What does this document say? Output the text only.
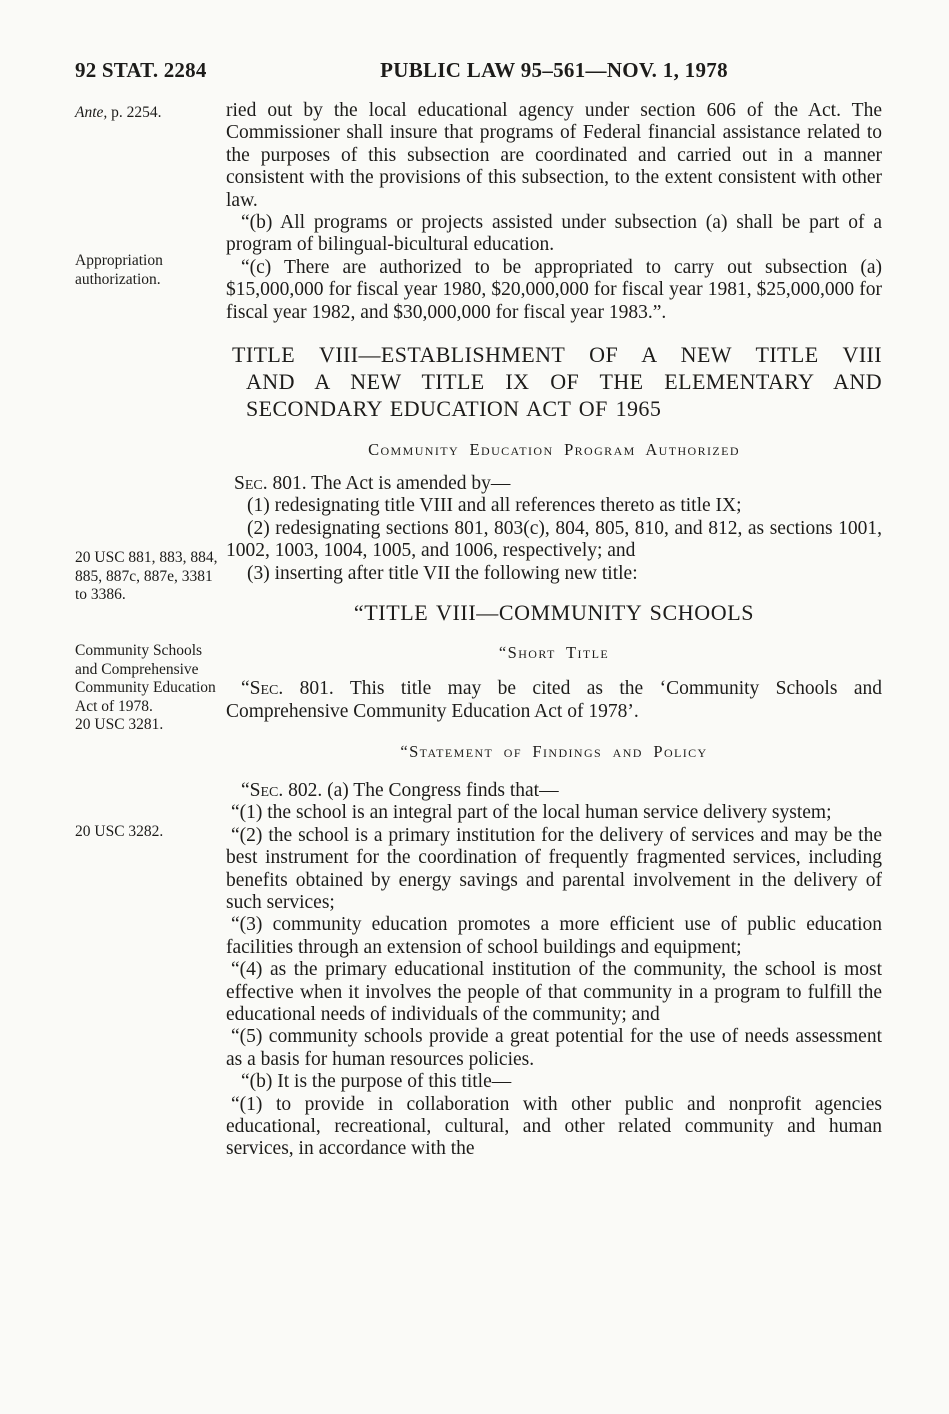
92 STAT. 2284	PUBLIC LAW 95–561—NOV. 1, 1978
Ante, p. 2254.
Appropriation authorization.
20 USC 881, 883, 884, 885, 887c, 887e, 3381 to 3386.
Community Schools and Comprehensive Community Education Act of 1978.
20 USC 3281.
20 USC 3282.

ried out by the local educational agency under section 606 of the Act. The Commissioner shall insure that programs of Federal financial assistance related to the purposes of this subsection are coordinated and carried out in a manner consistent with the provisions of this subsection, to the extent consistent with other law.

“(b) All programs or projects assisted under subsection (a) shall be part of a program of bilingual-bicultural education.

“(c) There are authorized to be appropriated to carry out subsection (a) $15,000,000 for fiscal year 1980, $20,000,000 for fiscal year 1981, $25,000,000 for fiscal year 1982, and $30,000,000 for fiscal year 1983.”.

TITLE VIII—ESTABLISHMENT OF A NEW TITLE VIII
AND A NEW TITLE IX OF THE ELEMENTARY AND
SECONDARY EDUCATION ACT OF 1965
Community Education Program Authorized

Sec. 801. The Act is amended by—

(1) redesignating title VIII and all references thereto as title IX;

(2) redesignating sections 801, 803(c), 804, 805, 810, and 812, as sections 1001, 1002, 1003, 1004, 1005, and 1006, respectively; and

(3) inserting after title VII the following new title:

“TITLE VIII—COMMUNITY SCHOOLS
“Short Title

“Sec. 801. This title may be cited as the ‘Community Schools and Comprehensive Community Education Act of 1978’.

“Statement of Findings and Policy

“Sec. 802. (a) The Congress finds that—

“(1) the school is an integral part of the local human service delivery system;

“(2) the school is a primary institution for the delivery of services and may be the best instrument for the coordination of frequently fragmented services, including benefits obtained by energy savings and parental involvement in the delivery of such services;

“(3) community education promotes a more efficient use of public education facilities through an extension of school buildings and equipment;

“(4) as the primary educational institution of the community, the school is most effective when it involves the people of that community in a program to fulfill the educational needs of individuals of the community; and

“(5) community schools provide a great potential for the use of needs assessment as a basis for human resources policies.

“(b) It is the purpose of this title—

“(1) to provide in collaboration with other public and nonprofit agencies educational, recreational, cultural, and other related community and human services, in accordance with the
